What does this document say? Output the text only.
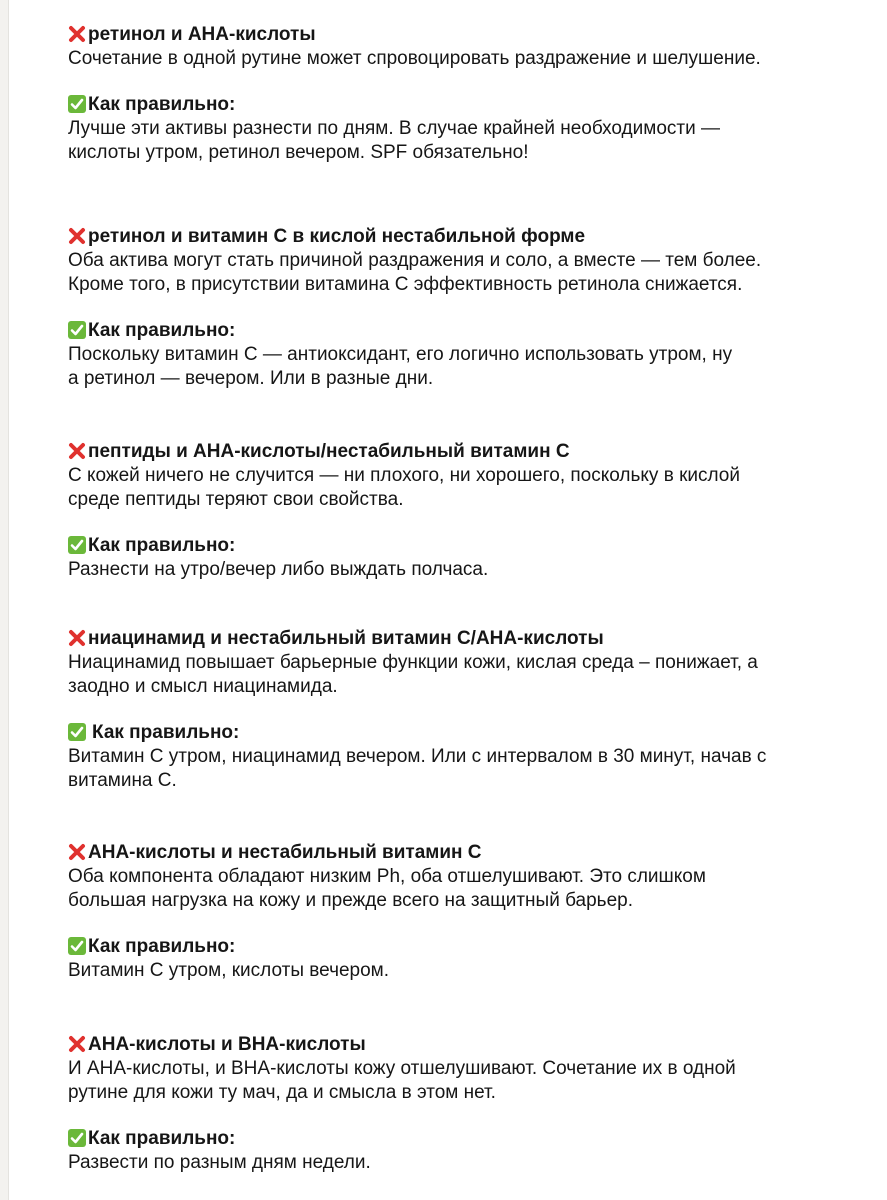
ретинол и AHA-кислоты
Сочетание в одной рутине может спровоцировать раздражение и шелушение.
Как правильно:
Лучше эти активы разнести по дням. В случае крайней необходимости —
кислоты утром, ретинол вечером. SPF обязательно!
ретинол и витамин С в кислой нестабильной форме
Оба актива могут стать причиной раздражения и соло, а вместе — тем более.
Кроме того, в присутствии витамина С эффективность ретинола снижается.
Как правильно:
Поскольку витамин С — антиоксидант, его логично использовать утром, ну
а ретинол — вечером. Или в разные дни.
пептиды и AHA-кислоты/нестабильный витамин С
С кожей ничего не случится — ни плохого, ни хорошего, поскольку в кислой
среде пептиды теряют свои свойства.
Как правильно:
Разнести на утро/вечер либо выждать полчаса.
ниацинамид и нестабильный витамин С/AHA-кислоты
Ниацинамид повышает барьерные функции кожи, кислая среда – понижает, а
заодно и смысл ниацинамида.
Как правильно:
Витамин С утром, ниацинамид вечером. Или с интервалом в 30 минут, начав с
витамина С.
AHA-кислоты и нестабильный витамин С
Оба компонента обладают низким Ph, оба отшелушивают. Это слишком
большая нагрузка на кожу и прежде всего на защитный барьер.
Как правильно:
Витамин С утром, кислоты вечером.
AHA-кислоты и BHA-кислоты
И AHA-кислоты, и BHA-кислоты кожу отшелушивают. Сочетание их в одной
рутине для кожи ту мач, да и смысла в этом нет.
Как правильно:
Развести по разным дням недели.
